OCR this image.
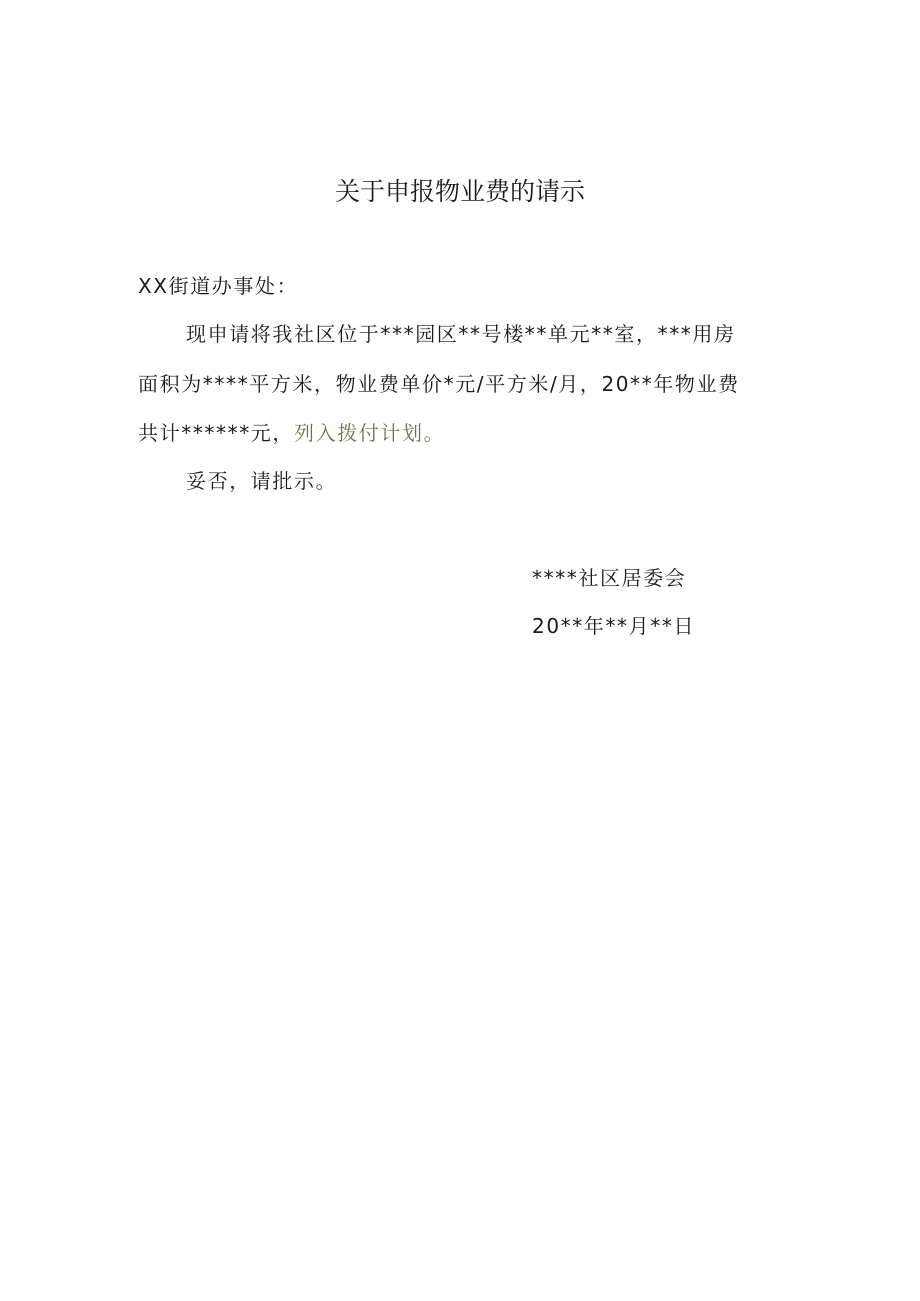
关于申报物业费的请示
XX街道办事处：
现申请将我社区位于***园区**号楼**单元**室，***用房
面积为****平方米，物业费单价*元/平方米/月，20**年物业费
共计******元，列入拨付计划。
妥否，请批示。
****社区居委会
20**年**月**日
